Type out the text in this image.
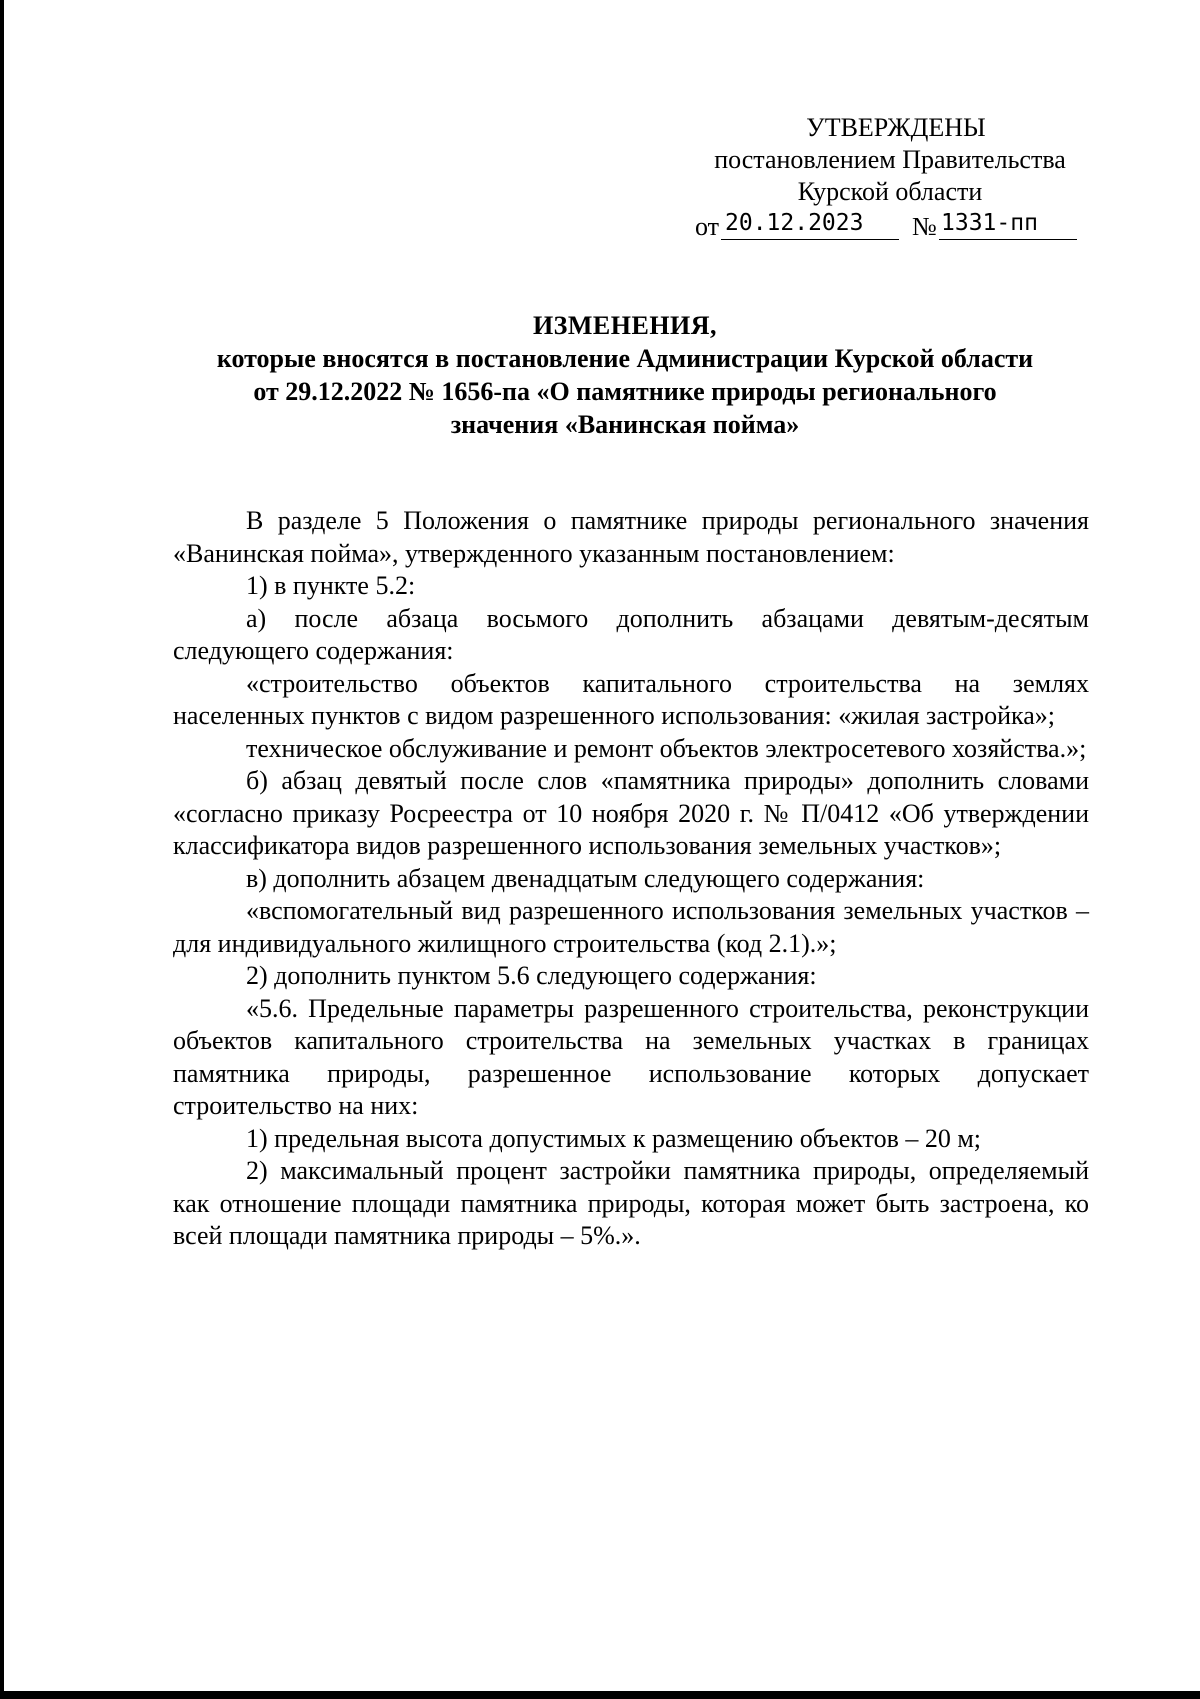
УТВЕРЖДЕНЫ
постановлением Правительства
Курской области
от 20.12.2023	№ 1331-пп
ИЗМЕНЕНИЯ,
которые вносятся в постановление Администрации Курской области
от 29.12.2022 № 1656-па «О памятнике природы регионального
значения «Ванинская пойма»

В разделе 5 Положения о памятнике природы регионального значения «Ванинская пойма», утвержденного указанным постановлением:

1) в пункте 5.2:

а) после абзаца восьмого дополнить абзацами девятым-десятым следующего содержания:

«строительство объектов капитального строительства на землях населенных пунктов с видом разрешенного использования: «жилая застройка»;

техническое обслуживание и ремонт объектов электросетевого хозяйства.»;

б) абзац девятый после слов «памятника природы» дополнить словами «согласно приказу Росреестра от 10 ноября 2020 г. № П/0412 «Об утверждении классификатора видов разрешенного использования земельных участков»;

в) дополнить абзацем двенадцатым следующего содержания:

«вспомогательный вид разрешенного использования земельных участков – для индивидуального жилищного строительства (код 2.1).»;

2) дополнить пунктом 5.6 следующего содержания:

«5.6. Предельные параметры разрешенного строительства, реконструкции объектов капитального строительства на земельных участках в границах памятника природы, разрешенное использование которых допускает строительство на них:

1) предельная высота допустимых к размещению объектов – 20 м;

2) максимальный процент застройки памятника природы, определяемый как отношение площади памятника природы, которая может быть застроена, ко всей площади памятника природы – 5%.».
